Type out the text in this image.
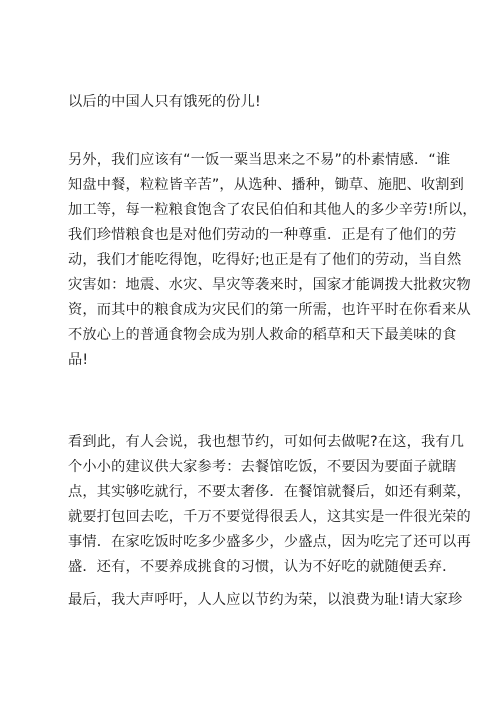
以后的中国人只有饿死的份儿!
另外，我们应该有“一饭一粟当思来之不易”的朴素情感．“谁
知盘中餐，粒粒皆辛苦”，从选种、播种，锄草、施肥、收割到
加工等，每一粒粮食饱含了农民伯伯和其他人的多少辛劳!所以，
我们珍惜粮食也是对他们劳动的一种尊重．正是有了他们的劳
动，我们才能吃得饱，吃得好;也正是有了他们的劳动，当自然
灾害如：地震、水灾、旱灾等袭来时，国家才能调拨大批救灾物
资，而其中的粮食成为灾民们的第一所需，也许平时在你看来从
不放心上的普通食物会成为别人救命的稻草和天下最美味的食
品!
看到此，有人会说，我也想节约，可如何去做呢?在这，我有几
个小小的建议供大家参考：去餐馆吃饭，不要因为要面子就瞎
点，其实够吃就行，不要太奢侈．在餐馆就餐后，如还有剩菜，
就要打包回去吃，千万不要觉得很丢人，这其实是一件很光荣的
事情．在家吃饭时吃多少盛多少，少盛点，因为吃完了还可以再
盛．还有，不要养成挑食的习惯，认为不好吃的就随便丢弃．
最后，我大声呼吁，人人应以节约为荣，以浪费为耻!请大家珍
